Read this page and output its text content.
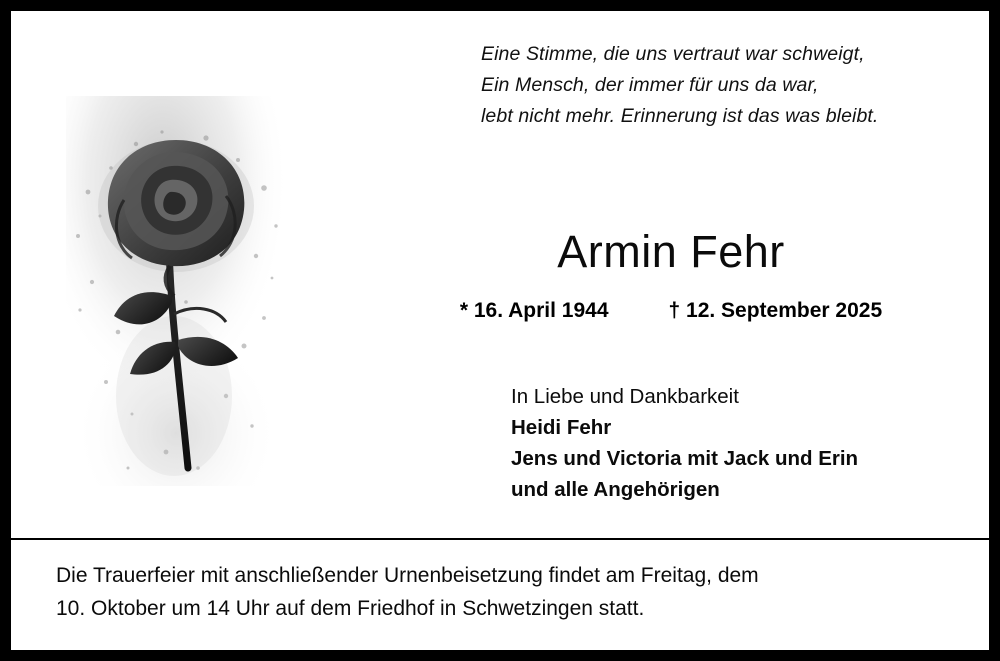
Eine Stimme, die uns vertraut war schweigt,
Ein Mensch, der immer für uns da war,
lebt nicht mehr. Erinnerung ist das was bleibt.
Armin Fehr
* 16. April 1944	† 12. September 2025
In Liebe und Dankbarkeit
Heidi Fehr
Jens und Victoria mit Jack und Erin
und alle Angehörigen
Die Trauerfeier mit anschließender Urnenbeisetzung findet am Freitag, dem
10. Oktober um 14 Uhr auf dem Friedhof in Schwetzingen statt.
